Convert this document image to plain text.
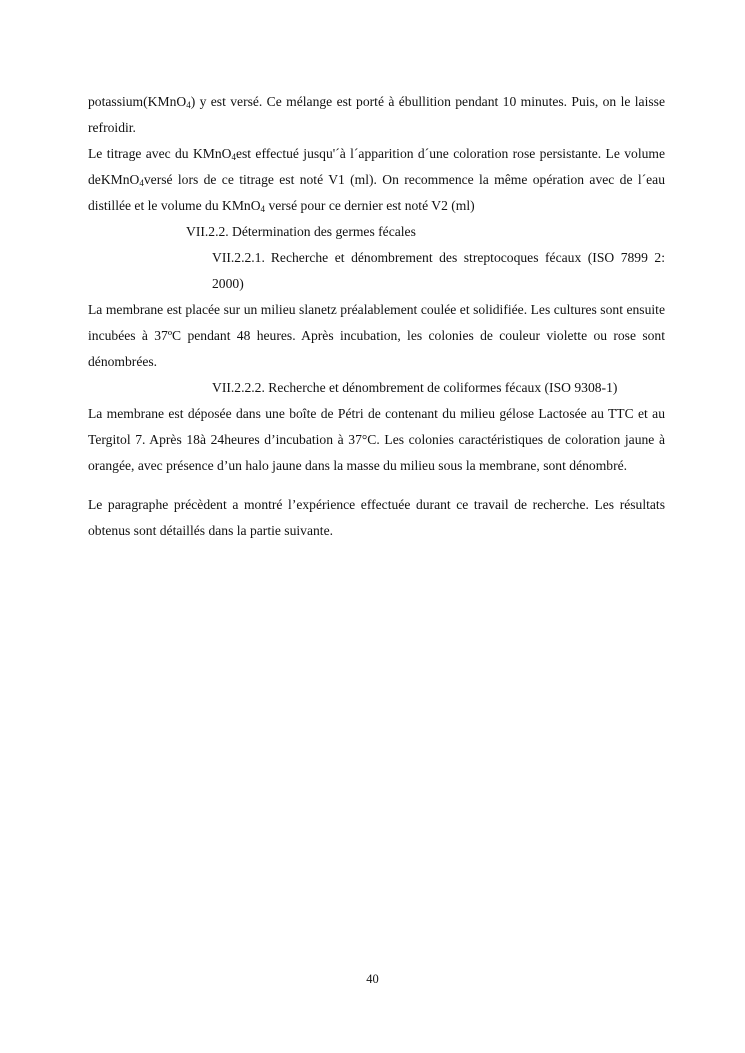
potassium(KMnO$_4$) y est versé. Ce mélange est porté à ébullition pendant 10 minutes. Puis, on le laisse refroidir.

Le titrage avec du KMnO$_4$est effectué jusqu'´à l´apparition d´une coloration rose persistante. Le volume deKMnO$_4$versé lors de ce titrage est noté V1 (ml). On recommence la même opération avec de l´eau distillée et le volume du KMnO$_4$ versé pour ce dernier est noté V2 (ml)

VII.2.2. Détermination des germes fécales

VII.2.2.1. Recherche et dénombrement des streptocoques fécaux (ISO 7899 2: 2000)

La membrane est placée sur un milieu slanetz préalablement coulée et solidifiée. Les cultures sont ensuite incubées à 37ºC pendant 48 heures. Après incubation, les colonies de couleur violette ou rose sont dénombrées.

VII.2.2.2. Recherche et dénombrement de coliformes fécaux (ISO 9308-1)

La membrane est déposée dans une boîte de Pétri de contenant du milieu gélose Lactosée au TTC et au Tergitol 7. Après 18à 24heures d’incubation à 37°C. Les colonies caractéristiques de coloration jaune à orangée, avec présence d’un halo jaune dans la masse du milieu sous la membrane, sont dénombré.

Le paragraphe précèdent a montré l’expérience effectuée durant ce travail de recherche. Les résultats obtenus sont détaillés dans la partie suivante.

40
